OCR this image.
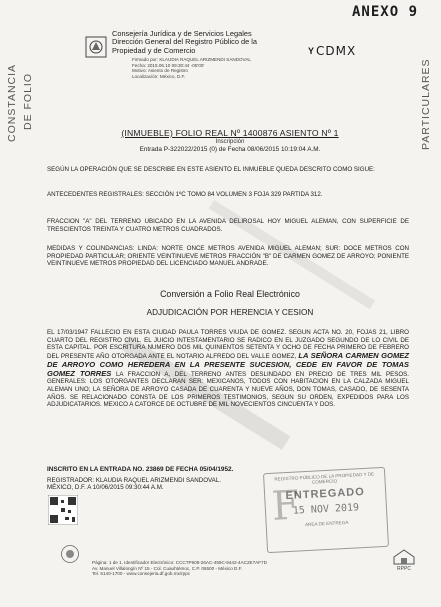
ANEXO 9
Consejería Jurídica y de Servicios Legales
Dirección General del Registro Público de la
Propiedad y de Comercio	Y CDMX
Firmado por: KLAUDIA RAQUEL ARIZMENDI SANDOVAL
Fecha: 2015.06.10 09:30:44 -05'00'
Motivo: Asiento de Registro
Localización: México, D.F.
CONSTANCIA DE FOLIO	PARTICULARES
(INMUEBLE) FOLIO REAL Nº 1400876 ASIENTO Nº 1
Inscripción
Entrada P-322022/2015 (0) de Fecha 08/06/2015 10:19:04 A.M.
SEGÚN LA OPERACIÓN QUE SE DESCRIBE EN ESTE ASIENTO EL INMUEBLE QUEDA DESCRITO COMO SIGUE:
ANTECEDENTES REGISTRALES: SECCIÓN 1ºC TOMO 84 VOLUMEN 3 FOJA 329 PARTIDA 312.
FRACCION "A" DEL TERRENO UBICADO EN LA AVENIDA DELIROSAL HOY MIGUEL ALEMAN, CON SUPERFICIE DE TRESCIENTOS TREINTA Y CUATRO METROS CUADRADOS.
MEDIDAS Y COLINDANCIAS: LINDA: NORTE ONCE METROS AVENIDA MIGUEL ALEMAN; SUR: DOCE METROS CON PROPIEDAD PARTICULAR; ORIENTE VEINTINUEVE METROS FRACCIÓN "B" DE CARMEN GOMEZ DE ARROYO; PONIENTE VEINTINUEVE METROS PROPIEDAD DEL LICENCIADO MANUEL ANDRADE.
Conversión a Folio Real Electrónico
ADJUDICACIÓN POR HERENCIA Y CESION
EL 17/03/1947 FALLECIO EN ESTA CIUDAD PAULA TORRES VIUDA DE GOMEZ. SEGUN ACTA NO. 20, FOJAS 21, LIBRO CUARTO DEL REGISTRO CIVIL. EL JUICIO INTESTAMENTARIO SE RADICO EN EL JUZGADO SEGUNDO DE LO CIVIL DE ESTA CAPITAL. POR ESCRITURA NUMERO DOS MIL QUINIENTOS SETENTA Y OCHO DE FECHA PRIMERO DE FEBRERO DEL PRESENTE AÑO OTORGADA ANTE EL NOTARIO ALFREDO DEL VALLE GOMEZ, LA SEÑORA CARMEN GOMEZ DE ARROYO COMO HEREDERA EN LA PRESENTE SUCESION, CEDE EN FAVOR DE TOMAS GOMEZ TORRES LA FRACCION A, DEL TERRENO ANTES DESLINDADO EN PRECIO DE TRES MIL PESOS. GENERALES: LOS OTORGANTES DECLARAN SER: MEXICANOS, TODOS CON HABITACION EN LA CALZADA MIGUEL ALEMAN UNO; LA SEÑORA DE ARROYO CASADA DE CUARENTA Y NUEVE AÑOS, DON TOMAS, CASADO, DE SESENTA AÑOS. SE RELACIONADO CONSTA DE LOS PRIMEROS TESTIMONIOS, SEGUN SU ORDEN, EXPEDIDOS PARA LOS ADJUDICATARIOS. MEXICO A CATORCE DE OCTUBRE DE MIL NOVECIENTOS CINCUENTA Y DOS.
INSCRITO EN LA ENTRADA NO. 23869 DE FECHA 05/04/1952.
REGISTRADOR: KLAUDIA RAQUEL ARIZMENDI SANDOVAL.
MÉXICO, D.F. A 10/06/2015 09:30:44 A.M.
REGISTRO PÚBLICO DE LA PROPIEDAD Y DE COMERCIO
F
ENTREGADO
15 NOV 2019
AREA DE ENTREGA
Página: 1 de 1. Identificador Electrónico: CCCTP608-26AC-459C-9442-4AC2E7AF7D
Av. Manuel Villalongín Nº 15 - Col. Cuauhtémoc, C.P. 06500 - México D.F.
Tel. 5140-1700 - www.consejeria.df.gob.mx/rppc
RPPC
